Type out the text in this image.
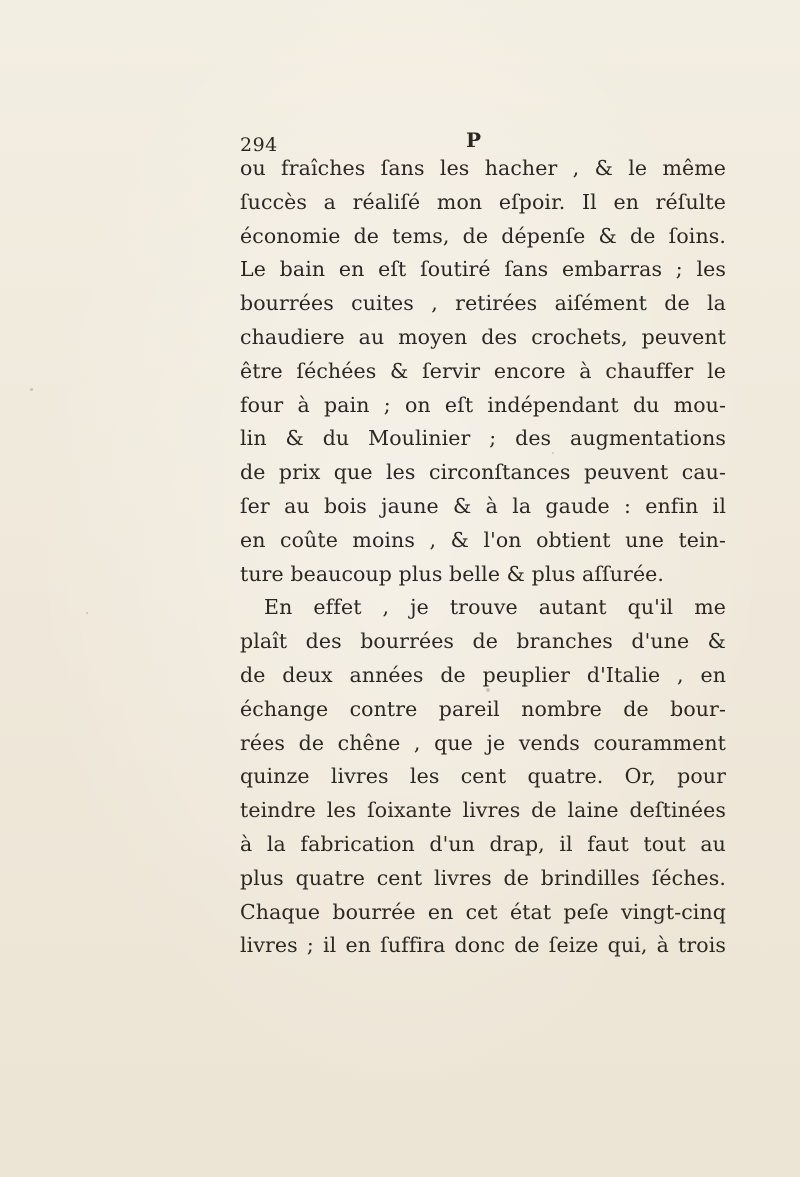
294	P
ou fraîches ſans les hacher , & le même
ſuccès a réaliſé mon eſpoir. Il en réſulte
économie de tems, de dépenſe & de ſoins.
Le bain en eſt ſoutiré ſans embarras ; les
bourrées cuites , retirées aiſément de la
chaudiere au moyen des crochets, peuvent
être ſéchées & ſervir encore à chauffer le
four à pain ; on eſt indépendant du mou-
lin & du Moulinier ; des augmentations
de prix que les circonſtances peuvent cau-
ſer au bois jaune & à la gaude : enfin il
en coûte moins , & l'on obtient une tein-
ture beaucoup plus belle & plus aſſurée.
En effet , je trouve autant qu'il me
plaît des bourrées de branches d'une &
de deux années de peuplier d'Italie , en
échange contre pareil nombre de bour-
rées de chêne , que je vends couramment
quinze livres les cent quatre. Or, pour
teindre les ſoixante livres de laine deſtinées
à la fabrication d'un drap, il faut tout au
plus quatre cent livres de brindilles ſéches.
Chaque bourrée en cet état peſe vingt-cinq
livres ; il en ſuffira donc de ſeize qui, à trois
